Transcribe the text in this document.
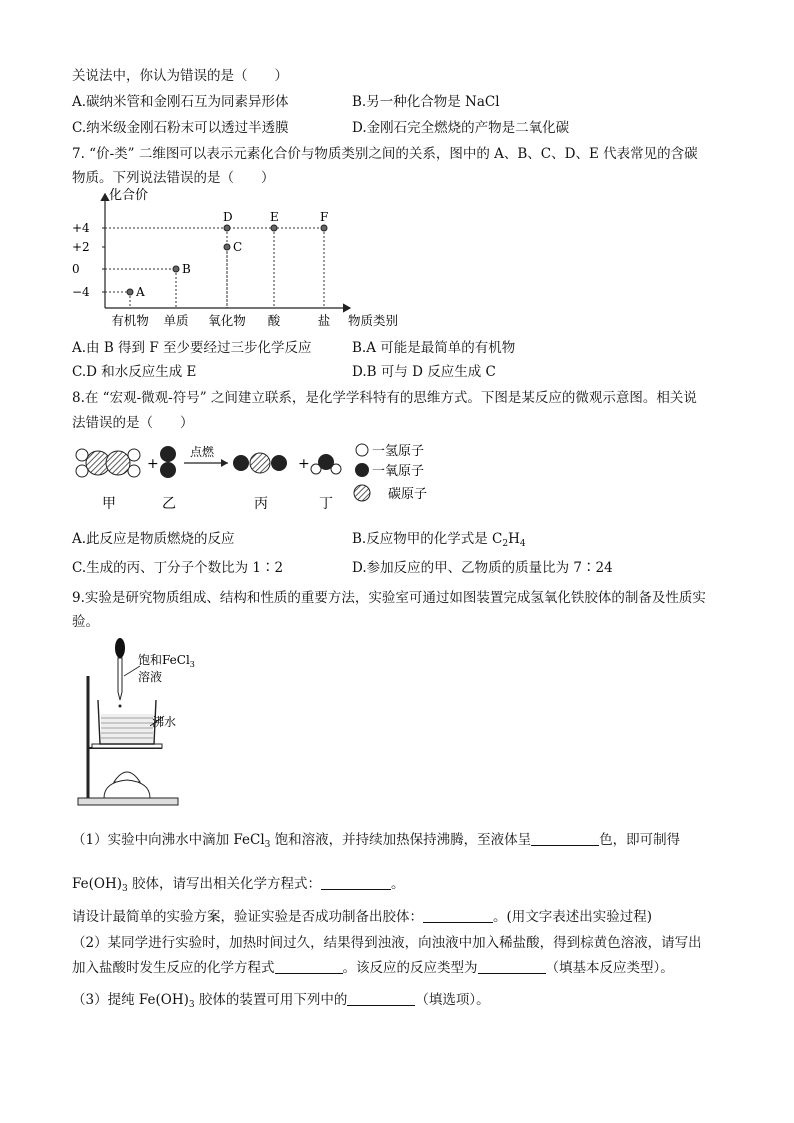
关说法中，你认为错误的是（　　）
A.碳纳米管和金刚石互为同素异形体	B.另一种化合物是 NaCl
C.纳米级金刚石粉末可以透过半透膜	D.金刚石完全燃烧的产物是二氧化碳
7. “价-类” 二维图可以表示元素化合价与物质类别之间的关系，图中的 A、B、C、D、E 代表常见的含碳
物质。下列说法错误的是（　　）
化合价
物质类别
+4
+2
0
−4	A
B
C
D	E	F
有机物 单质 氧化物 酸	盐
A.由 B 得到 F 至少要经过三步化学反应	B.A 可能是最简单的有机物
C.D 和水反应生成 E	D.B 可与 D 反应生成 C
8.在 “宏观-微观-符号” 之间建立联系，是化学学科特有的思维方式。下图是某反应的微观示意图。相关说
法错误的是（　　）
+
点燃
+
一氢原子
一氧原子
碳原子
甲	乙	丙	丁
A.此反应是物质燃烧的反应	B.反应物甲的化学式是 $C_2H_4$
C.生成的丙、丁分子个数比为 1∶2	D.参加反应的甲、乙物质的质量比为 7∶24
9.实验是研究物质组成、结构和性质的重要方法，实验室可通过如图装置完成氢氧化铁胶体的制备及性质实
验。
饱和FeCl$_3$
溶液
沸水
（1）实验中向沸水中滴加 FeCl$_3$ 饱和溶液，并持续加热保持沸腾，至液体呈	色，即可制得
$Fe(OH)_3$ 胶体，请写出相关化学方程式：	。
请设计最简单的实验方案，验证实验是否成功制备出胶体：	。(用文字表述出实验过程)
（2）某同学进行实验时，加热时间过久，结果得到浊液，向浊液中加入稀盐酸，得到棕黄色溶液，请写出
加入盐酸时发生反应的化学方程式	。该反应的反应类型为	（填基本反应类型）。
（3）提纯 $Fe(OH)_3$ 胶体的装置可用下列中的	（填选项）。
